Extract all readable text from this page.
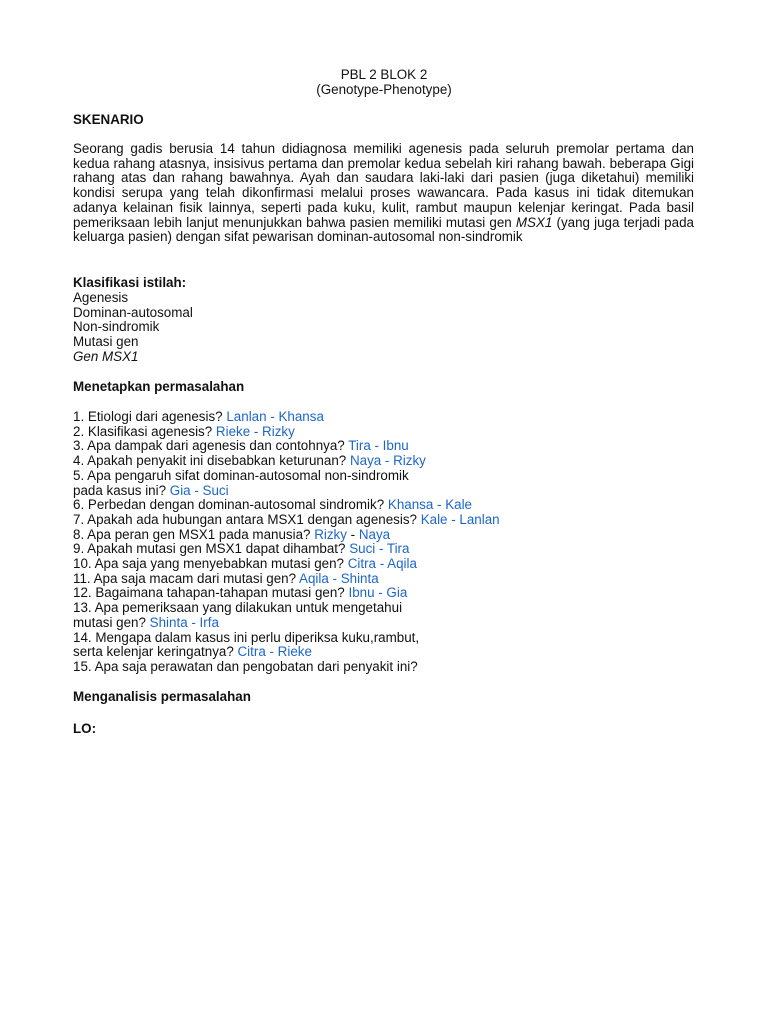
PBL 2 BLOK 2
(Genotype-Phenotype)
SKENARIO
Seorang gadis berusia 14 tahun didiagnosa memiliki agenesis pada seluruh premolar pertama dan kedua rahang atasnya, insisivus pertama dan premolar kedua sebelah kiri rahang bawah. beberapa Gigi rahang atas dan rahang bawahnya. Ayah dan saudara laki-laki dari pasien (juga diketahui) memiliki kondisi serupa yang telah dikonfirmasi melalui proses wawancara. Pada kasus ini tidak ditemukan adanya kelainan fisik lainnya, seperti pada kuku, kulit, rambut maupun kelenjar keringat. Pada basil pemeriksaan lebih lanjut menunjukkan bahwa pasien memiliki mutasi gen MSX1 (yang juga terjadi pada keluarga pasien) dengan sifat pewarisan dominan-autosomal non-sindromik
Klasifikasi istilah:
Agenesis
Dominan-autosomal
Non-sindromik
Mutasi gen
Gen MSX1
Menetapkan permasalahan
1. Etiologi dari agenesis? Lanlan - Khansa
2. Klasifikasi agenesis? Rieke - Rizky
3. Apa dampak dari agenesis dan contohnya? Tira - Ibnu
4. Apakah penyakit ini disebabkan keturunan? Naya - Rizky
5. Apa pengaruh sifat dominan-autosomal non-sindromik
pada kasus ini? Gia - Suci
6. Perbedan dengan dominan-autosomal sindromik? Khansa - Kale
7. Apakah ada hubungan antara MSX1 dengan agenesis? Kale - Lanlan
8. Apa peran gen MSX1 pada manusia? Rizky - Naya
9. Apakah mutasi gen MSX1 dapat dihambat? Suci - Tira
10. Apa saja yang menyebabkan mutasi gen? Citra - Aqila
11. Apa saja macam dari mutasi gen? Aqila - Shinta
12. Bagaimana tahapan-tahapan mutasi gen? Ibnu - Gia
13. Apa pemeriksaan yang dilakukan untuk mengetahui
mutasi gen? Shinta - Irfa
14. Mengapa dalam kasus ini perlu diperiksa kuku,rambut,
serta kelenjar keringatnya? Citra - Rieke
15. Apa saja perawatan dan pengobatan dari penyakit ini?
Menganalisis permasalahan
LO:
